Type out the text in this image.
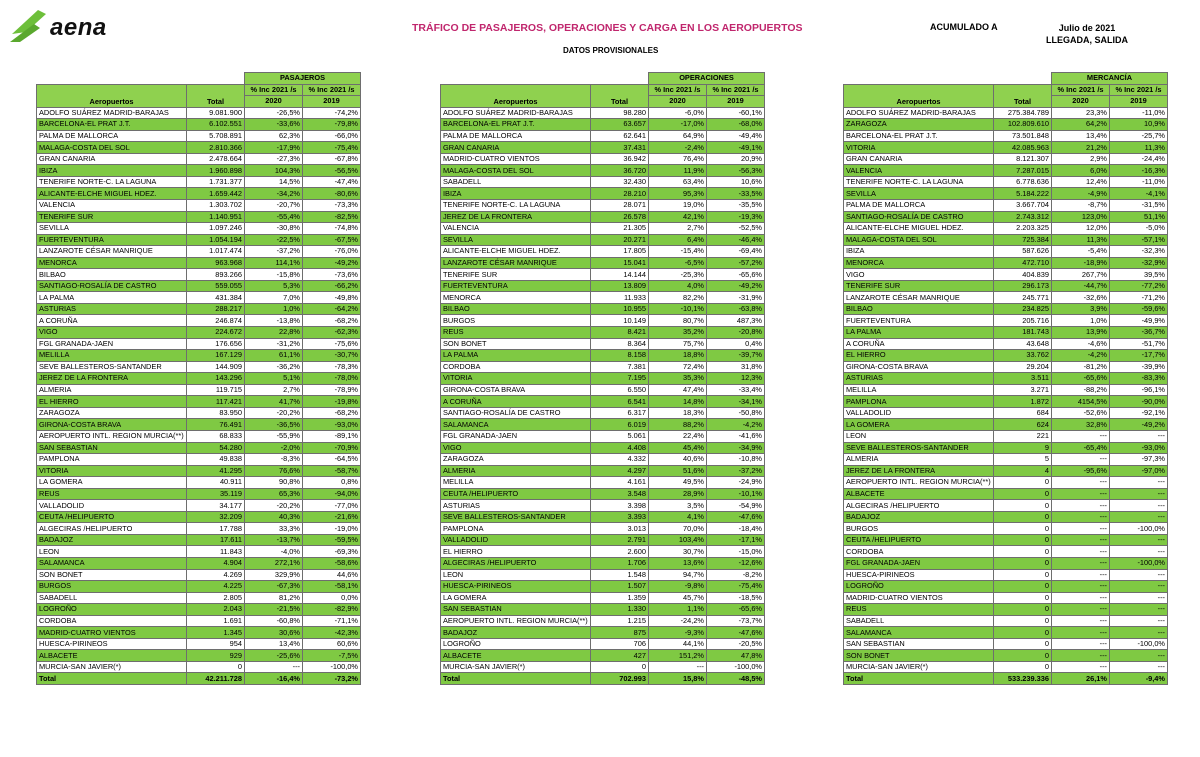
aena	TRÁFICO DE PASAJEROS, OPERACIONES Y CARGA EN LOS AEROPUERTOS
DATOS PROVISIONALES
ACUMULADO A	Julio de 2021
LLEGADA, SALIDA
		PASAJEROS	
Aeropuertos	Total	% Inc 2021 /s	% Inc 2021 /s
		2020	2019
ADOLFO SUÁREZ MADRID-BARAJAS	9.081.900	-26,5%	-74,2%
BARCELONA-EL PRAT J.T.	6.102.551	-33,6%	-79,8%
PALMA DE MALLORCA	5.708.891	62,3%	-66,0%
MALAGA-COSTA DEL SOL	2.810.366	-17,9%	-75,4%
GRAN CANARIA	2.478.664	-27,3%	-67,8%
IBIZA	1.960.898	104,3%	-56,5%
TENERIFE NORTE-C. LA LAGUNA	1.731.377	14,5%	-47,4%
ALICANTE-ELCHE MIGUEL HDEZ.	1.659.442	-34,2%	-80,6%
VALENCIA	1.303.702	-20,7%	-73,3%
TENERIFE SUR	1.140.951	-55,4%	-82,5%
SEVILLA	1.097.246	-30,8%	-74,8%
FUERTEVENTURA	1.054.194	-22,5%	-67,5%
LANZAROTE CÉSAR MANRIQUE	1.017.474	-37,2%	-76,0%
MENORCA	963.968	114,1%	-49,2%
BILBAO	893.266	-15,8%	-73,6%
SANTIAGO-ROSALÍA DE CASTRO	559.055	5,3%	-66,2%
LA PALMA	431.384	7,0%	-49,8%
ASTURIAS	288.217	1,0%	-64,2%
A CORUÑA	246.874	-13,8%	-68,2%
VIGO	224.672	22,8%	-62,3%
FGL GRANADA-JAEN	176.656	-31,2%	-75,6%
MELILLA	167.129	61,1%	-30,7%
SEVE BALLESTEROS-SANTANDER	144.909	-36,2%	-78,3%
JEREZ DE LA FRONTERA	143.296	5,1%	-78,0%
ALMERIA	119.715	2,7%	-78,9%
EL HIERRO	117.421	41,7%	-19,8%
ZARAGOZA	83.950	-20,2%	-68,2%
GIRONA-COSTA BRAVA	76.491	-36,5%	-93,0%
AEROPUERTO INTL. REGION MURCIA(**)	68.833	-55,9%	-89,1%
SAN SEBASTIAN	54.280	-2,0%	-70,9%
PAMPLONA	49.838	-8,3%	-64,5%
VITORIA	41.295	76,6%	-58,7%
LA GOMERA	40.911	90,8%	0,8%
REUS	35.119	65,3%	-94,0%
VALLADOLID	34.177	-20,2%	-77,0%
CEUTA /HELIPUERTO	32.209	40,3%	-21,6%
ALGECIRAS /HELIPUERTO	17.788	33,3%	-19,0%
BADAJOZ	17.611	-13,7%	-59,5%
LEON	11.843	-4,0%	-69,3%
SALAMANCA	4.904	272,1%	-58,6%
SON BONET	4.269	329,9%	44,6%
BURGOS	4.225	-67,3%	-58,1%
SABADELL	2.805	81,2%	0,0%
LOGROÑO	2.043	-21,5%	-82,9%
CORDOBA	1.691	-60,8%	-71,1%
MADRID-CUATRO VIENTOS	1.345	30,6%	-42,3%
HUESCA-PIRINEOS	954	13,4%	60,6%
ALBACETE	929	-25,6%	-7,5%
MURCIA-SAN JAVIER(*)	0	---	-100,0%
Total	42.211.728	-16,4%	-73,2%
		OPERACIONES	
Aeropuertos	Total	% Inc 2021 /s	% Inc 2021 /s
		2020	2019
ADOLFO SUÁREZ MADRID-BARAJAS	98.280	-6,0%	-60,1%
BARCELONA-EL PRAT J.T.	63.657	-17,0%	-68,0%
PALMA DE MALLORCA	62.641	64,9%	-49,4%
GRAN CANARIA	37.431	-2,4%	-49,1%
MADRID-CUATRO VIENTOS	36.942	76,4%	20,9%
MALAGA-COSTA DEL SOL	36.720	11,9%	-56,3%
SABADELL	32.430	63,4%	10,6%
IBIZA	28.210	95,3%	-33,5%
TENERIFE NORTE-C. LA LAGUNA	28.071	19,0%	-35,5%
JEREZ DE LA FRONTERA	26.578	42,1%	-19,3%
VALENCIA	21.305	2,7%	-52,5%
SEVILLA	20.271	6,4%	-46,4%
ALICANTE-ELCHE MIGUEL HDEZ.	17.805	-15,4%	-69,4%
LANZAROTE CÉSAR MANRIQUE	15.041	-6,5%	-57,2%
TENERIFE SUR	14.144	-25,3%	-65,6%
FUERTEVENTURA	13.809	4,0%	-49,2%
MENORCA	11.933	82,2%	-31,9%
BILBAO	10.955	-10,1%	-63,8%
BURGOS	10.149	80,7%	487,3%
REUS	8.421	35,2%	-20,8%
SON BONET	8.364	75,7%	0,4%
LA PALMA	8.158	18,8%	-39,7%
CORDOBA	7.381	72,4%	31,8%
VITORIA	7.195	35,3%	12,3%
GIRONA-COSTA BRAVA	6.550	47,4%	-33,4%
A CORUÑA	6.541	14,8%	-34,1%
SANTIAGO-ROSALÍA DE CASTRO	6.317	18,3%	-50,8%
SALAMANCA	6.019	88,2%	-4,2%
FGL GRANADA-JAEN	5.061	22,4%	-41,6%
VIGO	4.408	45,4%	-34,9%
ZARAGOZA	4.332	40,6%	-10,8%
ALMERIA	4.297	51,6%	-37,2%
MELILLA	4.161	49,5%	-24,9%
CEUTA /HELIPUERTO	3.548	28,9%	-10,1%
ASTURIAS	3.398	3,5%	-54,9%
SEVE BALLESTEROS-SANTANDER	3.393	4,1%	-47,6%
PAMPLONA	3.013	70,0%	-18,4%
VALLADOLID	2.791	103,4%	-17,1%
EL HIERRO	2.600	30,7%	-15,0%
ALGECIRAS /HELIPUERTO	1.706	13,6%	-12,6%
LEON	1.548	94,7%	-8,2%
HUESCA-PIRINEOS	1.507	-9,8%	-75,4%
LA GOMERA	1.359	45,7%	-18,5%
SAN SEBASTIAN	1.330	1,1%	-65,6%
AEROPUERTO INTL. REGION MURCIA(**)	1.215	-24,2%	-73,7%
BADAJOZ	875	-9,3%	-47,6%
LOGROÑO	706	44,1%	-20,5%
ALBACETE	427	151,2%	47,8%
MURCIA-SAN JAVIER(*)	0	---	-100,0%
Total	702.993	15,8%	-48,5%
		MERCANCÍA	
Aeropuertos	Total	% Inc 2021 /s	% Inc 2021 /s
		2020	2019
ADOLFO SUÁREZ MADRID-BARAJAS	275.384.789	23,3%	-11,0%
ZARAGOZA	102.809.610	64,2%	10,9%
BARCELONA-EL PRAT J.T.	73.501.848	13,4%	-25,7%
VITORIA	42.085.963	21,2%	11,3%
GRAN CANARIA	8.121.307	2,9%	-24,4%
VALENCIA	7.287.015	6,0%	-16,3%
TENERIFE NORTE-C. LA LAGUNA	6.778.636	12,4%	-11,0%
SEVILLA	5.184.222	-4,9%	-4,1%
PALMA DE MALLORCA	3.667.704	-8,7%	-31,5%
SANTIAGO-ROSALÍA DE CASTRO	2.743.312	123,0%	51,1%
ALICANTE-ELCHE MIGUEL HDEZ.	2.203.325	12,0%	-5,0%
MALAGA-COSTA DEL SOL	725.384	11,3%	-57,1%
IBIZA	587.626	-5,4%	-32,3%
MENORCA	472.710	-18,9%	-32,9%
VIGO	404.839	267,7%	39,5%
TENERIFE SUR	296.173	-44,7%	-77,2%
LANZAROTE CÉSAR MANRIQUE	245.771	-32,6%	-71,2%
BILBAO	234.825	3,9%	-59,6%
FUERTEVENTURA	205.716	1,0%	-49,9%
LA PALMA	181.743	13,9%	-36,7%
A CORUÑA	43.648	-4,6%	-51,7%
EL HIERRO	33.762	-4,2%	-17,7%
GIRONA-COSTA BRAVA	29.204	-81,2%	-39,9%
ASTURIAS	3.511	-65,6%	-83,3%
MELILLA	3.271	-88,2%	-96,1%
PAMPLONA	1.872	4154,5%	-90,0%
VALLADOLID	684	-52,6%	-92,1%
LA GOMERA	624	32,8%	-49,2%
LEON	221	---	---
SEVE BALLESTEROS-SANTANDER	9	-65,4%	-93,0%
ALMERIA	5	---	-97,3%
JEREZ DE LA FRONTERA	4	-95,6%	-97,0%
AEROPUERTO INTL. REGION MURCIA(**)	0	---	---
ALBACETE	0	---	---
ALGECIRAS /HELIPUERTO	0	---	---
BADAJOZ	0	---	---
BURGOS	0	---	-100,0%
CEUTA /HELIPUERTO	0	---	---
CORDOBA	0	---	---
FGL GRANADA-JAEN	0	---	-100,0%
HUESCA-PIRINEOS	0	---	---
LOGROÑO	0	---	---
MADRID-CUATRO VIENTOS	0	---	---
REUS	0	---	---
SABADELL	0	---	---
SALAMANCA	0	---	---
SAN SEBASTIAN	0	---	-100,0%
SON BONET	0	---	---
MURCIA-SAN JAVIER(*)	0	---	---
Total	533.239.336	26,1%	-9,4%
